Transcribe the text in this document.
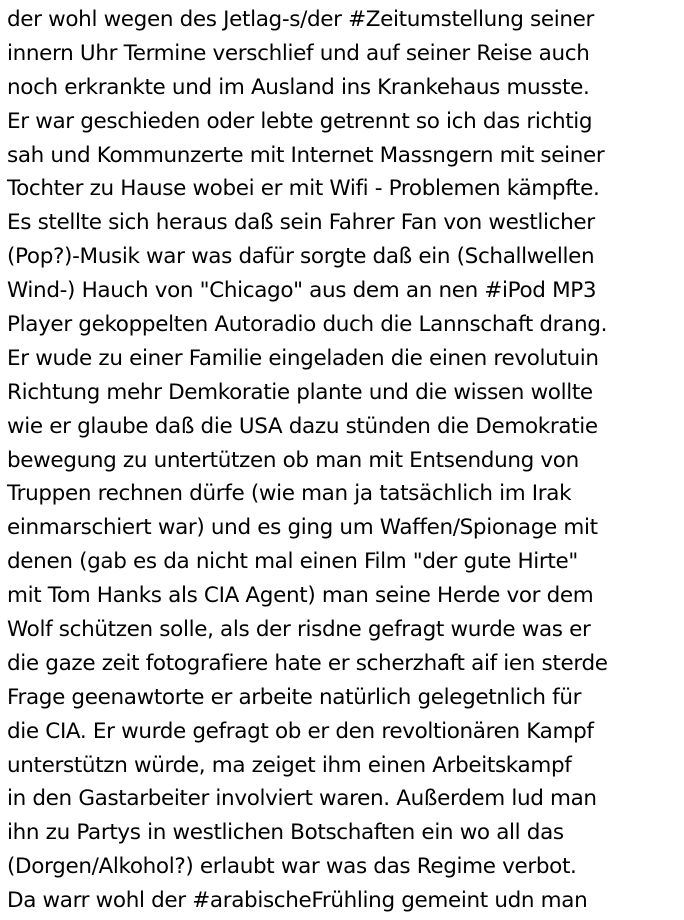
der wohl wegen des Jetlag-s/der #Zeitumstellung seiner
innern Uhr Termine verschlief und auf seiner Reise auch
noch erkrankte und im Ausland ins Krankehaus musste.
Er war geschieden oder lebte getrennt so ich das richtig
sah und Kommunzerte mit Internet Massngern mit seiner
Tochter zu Hause wobei er mit Wifi - Problemen kämpfte.
Es stellte sich heraus daß sein Fahrer Fan von westlicher
(Pop?)-Musik war was dafür sorgte daß ein (Schallwellen
Wind-) Hauch von "Chicago" aus dem an nen #iPod MP3
Player gekoppelten Autoradio duch die Lannschaft drang.
Er wude zu einer Familie eingeladen die einen revolutuin
Richtung mehr Demkoratie plante und die wissen wollte
wie er glaube daß die USA dazu stünden die Demokratie
bewegung zu untertützen ob man mit Entsendung von
Truppen rechnen dürfe (wie man ja tatsächlich im Irak
einmarschiert war) und es ging um Waffen/Spionage mit
denen (gab es da nicht mal einen Film "der gute Hirte"
mit Tom Hanks als CIA Agent) man seine Herde vor dem
Wolf schützen solle, als der risdne gefragt wurde was er
die gaze zeit fotografiere hate er scherzhaft aif ien sterde
Frage geenawtorte er arbeite natürlich gelegetnlich für
die CIA. Er wurde gefragt ob er den revoltionären Kampf
unterstützn würde, ma zeiget ihm einen Arbeitskampf
in den Gastarbeiter involviert waren. Außerdem lud man
ihn zu Partys in westlichen Botschaften ein wo all das
(Dorgen/Alkohol?) erlaubt war was das Regime verbot.
Da warr wohl der #arabischeFrühling gemeint udn man
